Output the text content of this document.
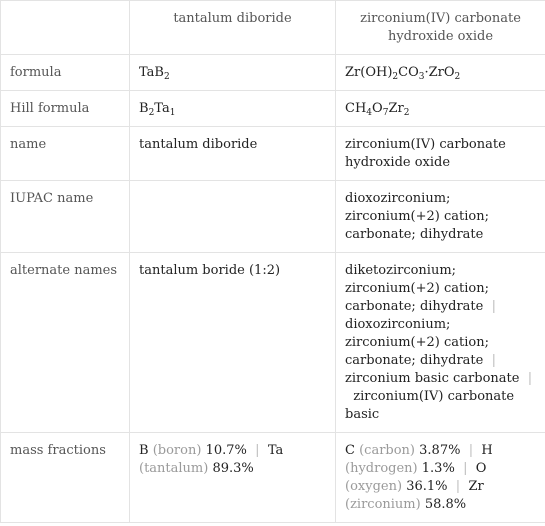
	tantalum diboride	zirconium(IV) carbonate hydroxide oxide
formula	TaB$_2$	$Zr(OH)_2CO_3\cdot ZrO_2$
Hill formula	$B_2Ta_1$	$CH_4O_7Zr_2$
name	tantalum diboride	zirconium(IV) carbonate hydroxide oxide
IUPAC name		dioxozirconium; zirconium(+2) cation; carbonate; dihydrate
alternate names	tantalum boride (1:2)	diketozirconium; zirconium(+2) cation; carbonate; dihydrate  |  dioxozirconium; zirconium(+2) cation; carbonate; dihydrate  |  zirconium basic carbonate  |  zirconium(IV) carbonate basic
mass fractions	B (boron) 10.7%  |  Ta (tantalum) 89.3%	C (carbon) 3.87%  |  H (hydrogen) 1.3%  |  O (oxygen) 36.1%  |  Zr (zirconium) 58.8%
